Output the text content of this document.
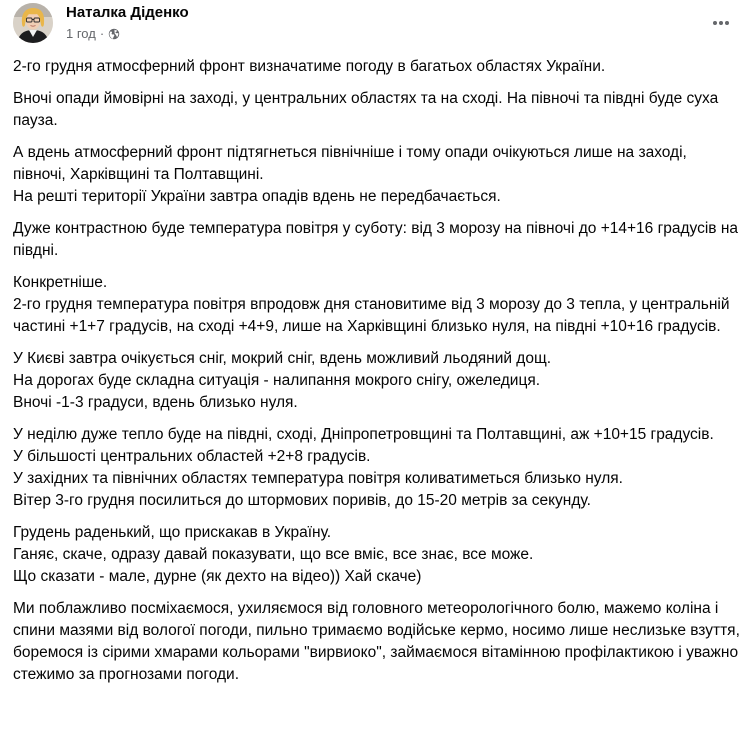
Наталка Діденко
1 год ·

2-го грудня атмосферний фронт визначатиме погоду в багатьох областях України.

Вночі опади ймовірні на заході, у центральних областях та на сході. На півночі та півдні буде суха пауза.

А вдень атмосферний фронт підтягнеться північніше і тому опади очікуються лише на заході, півночі, Харківщині та Полтавщині.
На решті території України завтра опадів вдень не передбачається.

Дуже контрастною буде температура повітря у суботу: від 3 морозу на півночі до +14+16 градусів на півдні.

Конкретніше.
2-го грудня температура повітря впродовж дня становитиме від 3 морозу до 3 тепла, у центральній частині +1+7 градусів, на сході +4+9, лише на Харківщині близько нуля, на півдні +10+16 градусів.

У Києві завтра очікується сніг, мокрий сніг, вдень можливий льодяний дощ.
На дорогах буде складна ситуація - налипання мокрого снігу, ожеледиця.
Вночі -1-3 градуси, вдень близько нуля.

У неділю дуже тепло буде на півдні, сході, Дніпропетровщині та Полтавщині, аж +10+15 градусів.
У більшості центральних областей +2+8 градусів.
У західних та північних областях температура повітря коливатиметься близько нуля.
Вітер 3-го грудня посилиться до штормових поривів, до 15-20 метрів за секунду.

Грудень раденький, що прискакав в Україну.
Ганяє, скаче, одразу давай показувати, що все вміє, все знає, все може.
Що сказати - мале, дурне (як дехто на відео)) Хай скаче)

Ми поблажливо посміхаємося, ухиляємося від головного метеорологічного болю, мажемо коліна і спини мазями від вологої погоди, пильно тримаємо водійське кермо, носимо лише неслизьке взуття, боремося із сірими хмарами кольорами "вирвиоко", займаємося вітамінною профілактикою і уважно стежимо за прогнозами погоди.
